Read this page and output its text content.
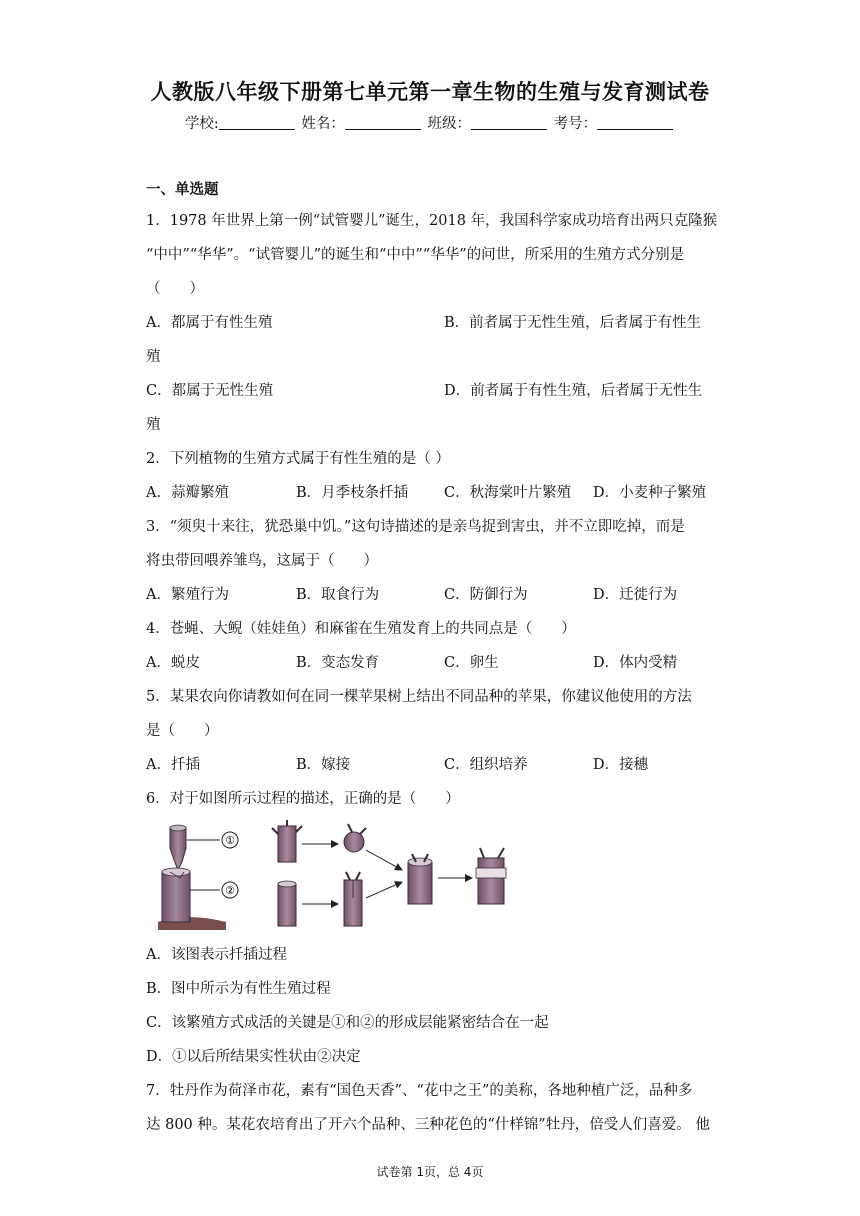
人教版八年级下册第七单元第一章生物的生殖与发育测试卷
学校:	姓名：	班级：	考号：
一、单选题
1．1978 年世界上第一例“试管婴儿”诞生，2018 年，我国科学家成功培育出两只克隆猴
“中中”“华华”。“试管婴儿”的诞生和“中中”“华华”的问世，所采用的生殖方式分别是
（　　）
A．都属于有性生殖	B．前者属于无性生殖，后者属于有性生
殖
C．都属于无性生殖	D．前者属于有性生殖，后者属于无性生
殖
2．下列植物的生殖方式属于有性生殖的是（ ）
A．蒜瓣繁殖	B．月季枝条扦插 C．秋海棠叶片繁殖 D．小麦种子繁殖
3．“须臾十来往，犹恐巢中饥。”这句诗描述的是亲鸟捉到害虫，并不立即吃掉，而是
将虫带回喂养雏鸟，这属于（　　）
A．繁殖行为	B．取食行为	C．防御行为	D．迁徙行为
4．苍蝇、大鲵（娃娃鱼）和麻雀在生殖发育上的共同点是（　　）
A．蜕皮	B．变态发育	C．卵生	D．体内受精
5．某果农向你请教如何在同一棵苹果树上结出不同品种的苹果，你建议他使用的方法
是（　　）
A．扦插	B．嫁接	C．组织培养	D．接穗
6．对于如图所示过程的描述，正确的是（　　）
①
②
A．该图表示扦插过程
B．图中所示为有性生殖过程
C．该繁殖方式成活的关键是①和②的形成层能紧密结合在一起
D．①以后所结果实性状由②决定
7．牡丹作为荷泽市花，素有“国色天香”、“花中之王”的美称，各地种植广泛，品种多
达 800 种。某花农培育出了开六个品种、三种花色的“什样锦”牡丹，倍受人们喜爱。 他
试卷第 1页，总 4页
